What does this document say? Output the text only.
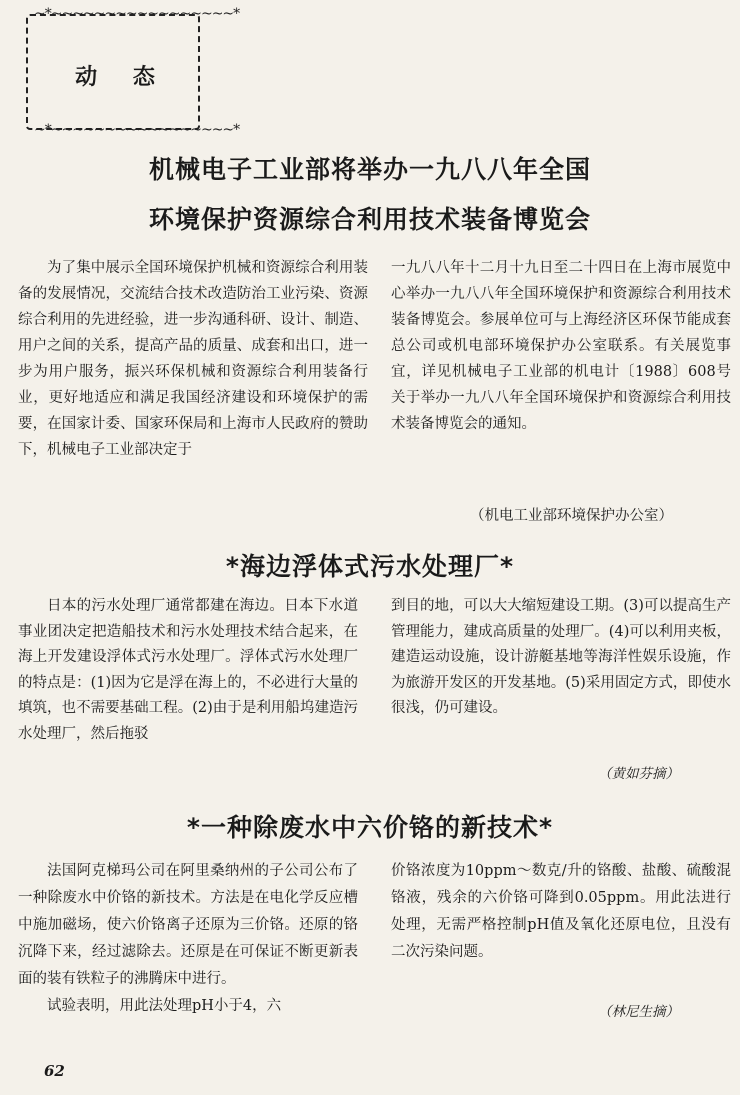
~*~~~~~~~~~~~~~~~~~*
~*~~~~~~~~~~~~~~~~~*
动 态
机械电子工业部将举办一九八八年全国
环境保护资源综合利用技术装备博览会

为了集中展示全国环境保护机械和资源综合利用装备的发展情况，交流结合技术改造防治工业污染、资源综合利用的先进经验，进一步沟通科研、设计、制造、用户之间的关系，提高产品的质量、成套和出口，进一步为用户服务，振兴环保机械和资源综合利用装备行业，更好地适应和满足我国经济建设和环境保护的需要，在国家计委、国家环保局和上海市人民政府的赞助下，机械电子工业部决定于

一九八八年十二月十九日至二十四日在上海市展览中心举办一九八八年全国环境保护和资源综合利用技术装备博览会。参展单位可与上海经济区环保节能成套总公司或机电部环境保护办公室联系。有关展览事宜，详见机械电子工业部的机电计〔1988〕608号关于举办一九八八年全国环境保护和资源综合利用技术装备博览会的通知。

（机电工业部环境保护办公室）
*海边浮体式污水处理厂*

日本的污水处理厂通常都建在海边。日本下水道事业团决定把造船技术和污水处理技术结合起来，在海上开发建设浮体式污水处理厂。浮体式污水处理厂的特点是：(1)因为它是浮在海上的，不必进行大量的填筑，也不需要基础工程。(2)由于是利用船坞建造污水处理厂，然后拖驳

到目的地，可以大大缩短建设工期。(3)可以提高生产管理能力，建成高质量的处理厂。(4)可以利用夹板，建造运动设施，设计游艇基地等海洋性娱乐设施，作为旅游开发区的开发基地。(5)采用固定方式，即使水很浅，仍可建设。

（黄如芬摘）
*一种除废水中六价铬的新技术*

法国阿克梯玛公司在阿里桑纳州的子公司公布了一种除废水中价铬的新技术。方法是在电化学反应槽中施加磁场，使六价铬离子还原为三价铬。还原的铬沉降下来，经过滤除去。还原是在可保证不断更新表面的装有铁粒子的沸腾床中进行。

试验表明，用此法处理pH小于4，六

价铬浓度为10ppm～数克/升的铬酸、盐酸、硫酸混铬液，残余的六价铬可降到0.05ppm。用此法进行处理，无需严格控制pH值及氧化还原电位，且没有二次污染问题。

（林尼生摘）
62
